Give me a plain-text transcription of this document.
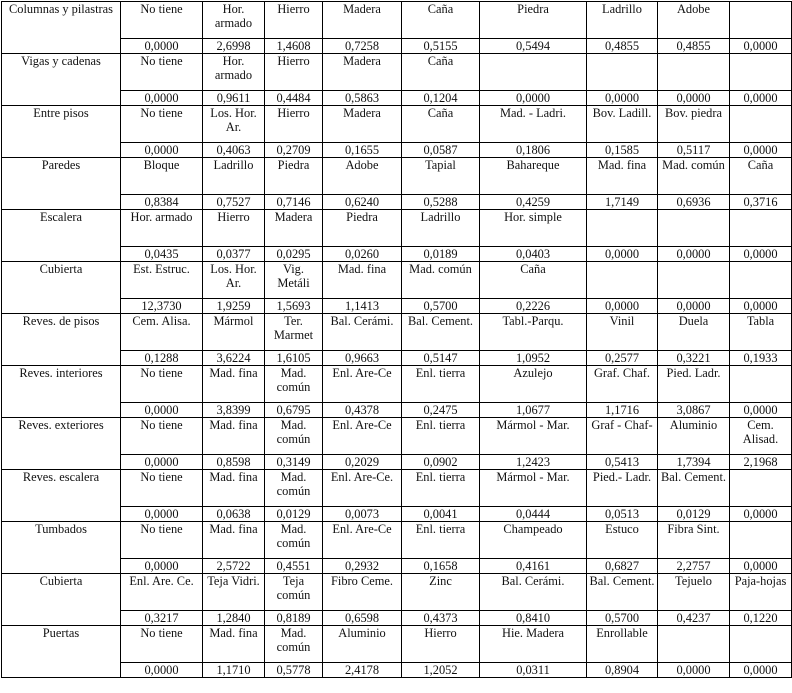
Columnas y pilastras	No tiene	Hor. armado	Hierro	Madera	Caña	Piedra	Ladrillo	Adobe	
	0,0000	2,6998	1,4608	0,7258	0,5155	0,5494	0,4855	0,4855	0,0000
Vigas y cadenas	No tiene	Hor. armado	Hierro	Madera	Caña				
	0,0000	0,9611	0,4484	0,5863	0,1204	0,0000	0,0000	0,0000	0,0000
Entre pisos	No tiene	Los. Hor. Ar.	Hierro	Madera	Caña	Mad. - Ladri.	Bov. Ladill.	Bov. piedra	
	0,0000	0,4063	0,2709	0,1655	0,0587	0,1806	0,1585	0,5117	0,0000
Paredes	Bloque	Ladrillo	Piedra	Adobe	Tapial	Bahareque	Mad. fina	Mad. común	Caña
	0,8384	0,7527	0,7146	0,6240	0,5288	0,4259	1,7149	0,6936	0,3716
Escalera	Hor. armado	Hierro	Madera	Piedra	Ladrillo	Hor. simple			
	0,0435	0,0377	0,0295	0,0260	0,0189	0,0403	0,0000	0,0000	0,0000
Cubierta	Est. Estruc.	Los. Hor. Ar.	Vig. Metáli	Mad. fina	Mad. común	Caña			
	12,3730	1,9259	1,5693	1,1413	0,5700	0,2226	0,0000	0,0000	0,0000
Reves. de pisos	Cem. Alisa.	Mármol	Ter. Marmet	Bal. Cerámi.	Bal. Cement.	Tabl.-Parqu.	Vinil	Duela	Tabla
	0,1288	3,6224	1,6105	0,9663	0,5147	1,0952	0,2577	0,3221	0,1933
Reves. interiores	No tiene	Mad. fina	Mad. común	Enl. Are-Ce	Enl. tierra	Azulejo	Graf. Chaf.	Pied. Ladr.	
	0,0000	3,8399	0,6795	0,4378	0,2475	1,0677	1,1716	3,0867	0,0000
Reves. exteriores	No tiene	Mad. fina	Mad. común	Enl. Are-Ce	Enl. tierra	Mármol - Mar.	Graf - Chaf-	Aluminio	Cem. Alisad.
	0,0000	0,8598	0,3149	0,2029	0,0902	1,2423	0,5413	1,7394	2,1968
Reves. escalera	No tiene	Mad. fina	Mad. común	Enl. Are-Ce.	Enl. tierra	Mármol - Mar.	Pied.- Ladr.	Bal. Cement.	
	0,0000	0,0638	0,0129	0,0073	0,0041	0,0444	0,0513	0,0129	0,0000
Tumbados	No tiene	Mad. fina	Mad. común	Enl. Are-Ce	Enl. tierra	Champeado	Estuco	Fibra Sint.	
	0,0000	2,5722	0,4551	0,2932	0,1658	0,4161	0,6827	2,2757	0,0000
Cubierta	Enl. Are. Ce.	Teja Vidri.	Teja común	Fibro Ceme.	Zinc	Bal. Cerámi.	Bal. Cement.	Tejuelo	Paja-hojas
	0,3217	1,2840	0,8189	0,6598	0,4373	0,8410	0,5700	0,4237	0,1220
Puertas	No tiene	Mad. fina	Mad. común	Aluminio	Hierro	Hie. Madera	Enrollable		
	0,0000	1,1710	0,5778	2,4178	1,2052	0,0311	0,8904	0,0000	0,0000
